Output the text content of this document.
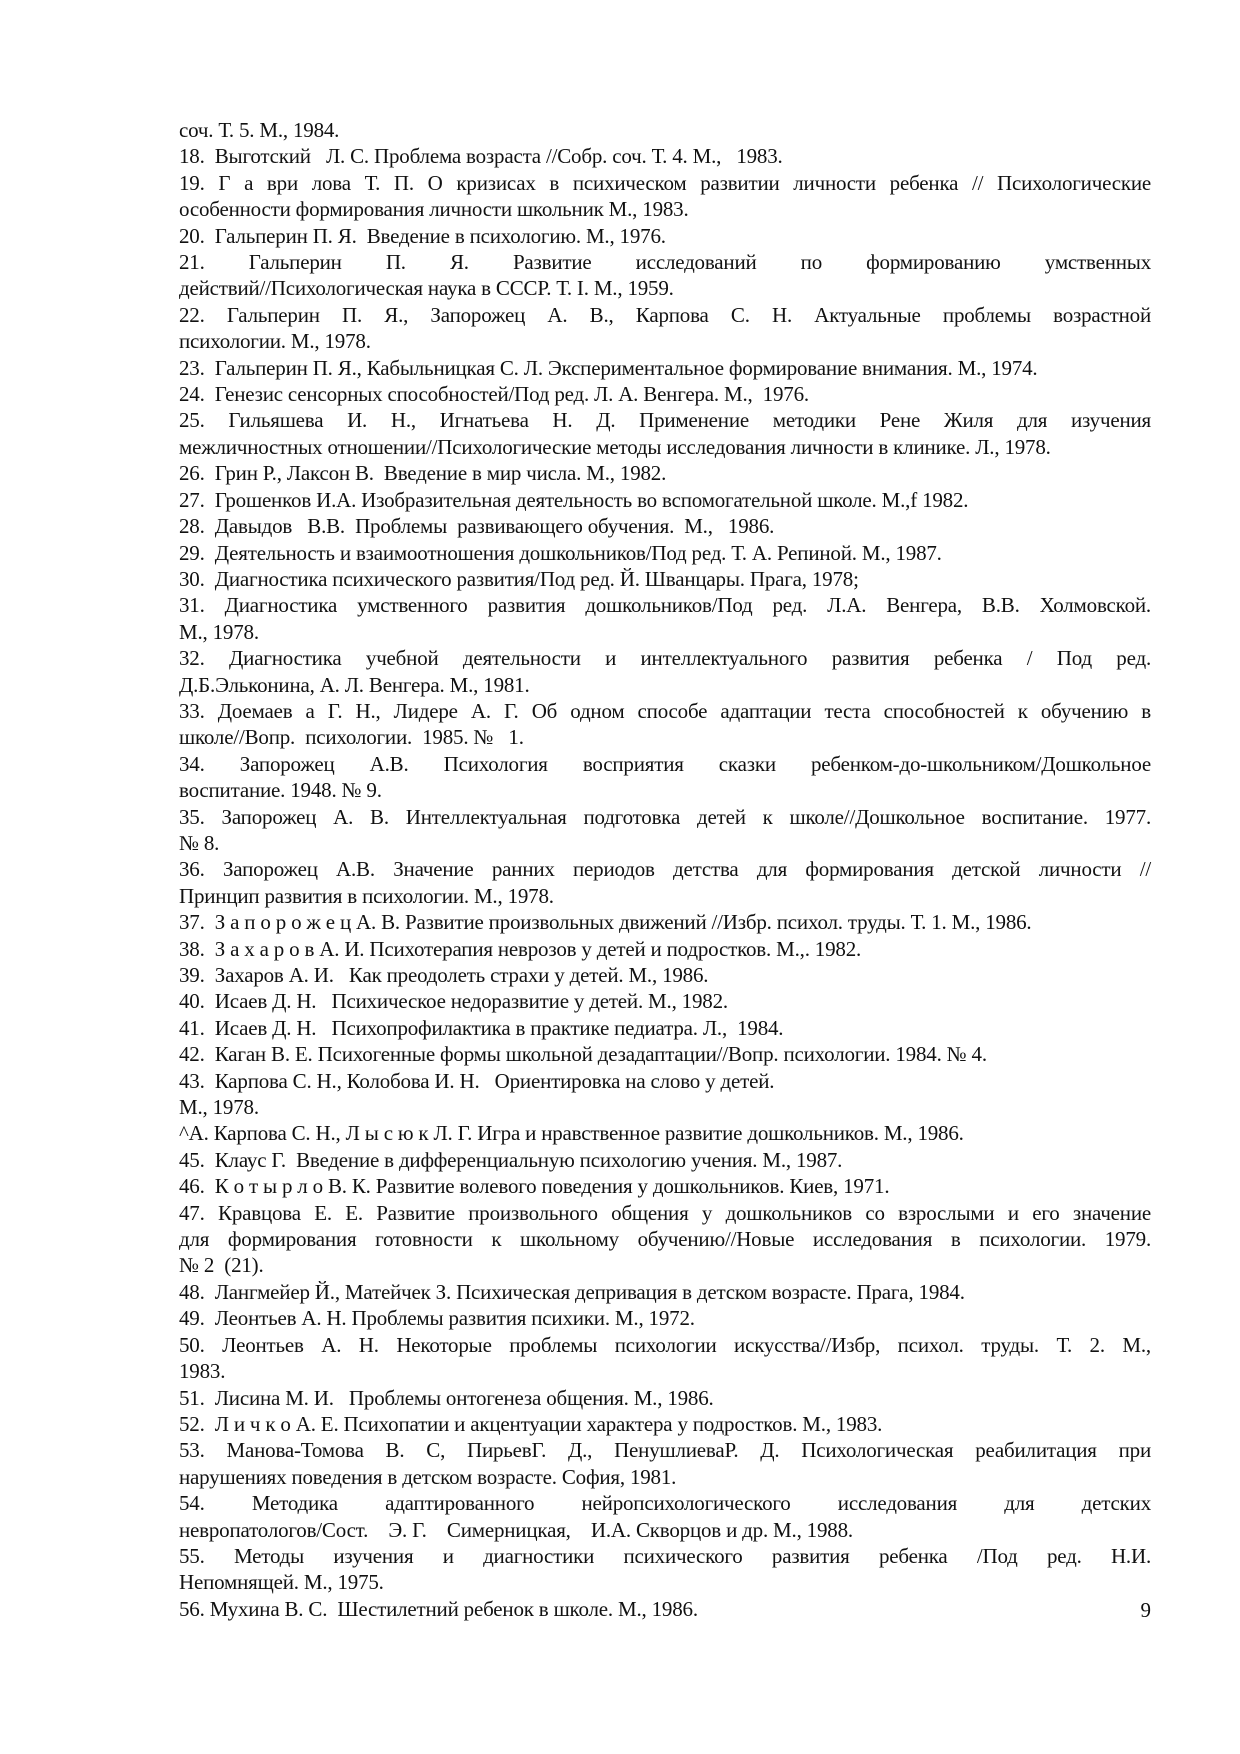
соч. Т. 5. М., 1984.
18.  Выготский   Л. С. Проблема возраста //Собр. соч. Т. 4. М.,   1983.
19. Г а ври лова Т. П. О кризисах в психическом развитии личности ребенка // Психологические
особенности формирования личности школьник М., 1983.
20.  Гальперин П. Я.  Введение в психологию. М., 1976.
21. Гальперин П. Я. Развитие исследований по формированию умственных
действий//Психологическая наука в СССР. Т. I. М., 1959.
22. Гальперин П. Я., Запорожец А. В., Карпова С. Н. Актуальные проблемы возрастной
психологии. М., 1978.
23.  Гальперин П. Я., Кабыльницкая С. Л. Экспериментальное формирование внимания. М., 1974.
24.  Генезис сенсорных способностей/Под ред. Л. А. Венгера. М.,  1976.
25. Гильяшева И. Н., Игнатьева Н. Д. Применение методики Рене Жиля для изучения
межличностных отношении//Психологические методы исследования личности в клинике. Л., 1978.
26.  Грин Р., Лаксон В.  Введение в мир числа. М., 1982.
27.  Грошенков И.А. Изобразительная деятельность во вспомогательной школе. М.,f 1982.
28.  Давыдов   В.В.  Проблемы  развивающего обучения.  М.,   1986.
29.  Деятельность и взаимоотношения дошкольников/Под ред. Т. А. Репиной. М., 1987.
30.  Диагностика психического развития/Под ред. Й. Шванцары. Прага, 1978;
31. Диагностика умственного развития дошкольников/Под ред. Л.А. Венгера, В.В. Холмовской.
М., 1978.
32. Диагностика учебной деятельности и интеллектуального развития ребенка / Под ред.
Д.Б.Эльконина, А. Л. Венгера. М., 1981.
33. Доемаев а Г. Н., Лидере А. Г. Об одном способе адаптации теста способностей к обучению в
школе//Вопр.  психологии.  1985. №   1.
34. Запорожец А.В. Психология восприятия сказки ребенком-до-школьником/Дошкольное
воспитание. 1948. № 9.
35. Запорожец А. В. Интеллектуальная подготовка детей к школе//Дошкольное воспитание. 1977.
№ 8.
36. Запорожец А.В. Значение ранних периодов детства для формирования детской личности //
Принцип развития в психологии. М., 1978.
37.  З а п о р о ж е ц А. В. Развитие произвольных движений //Избр. психол. труды. Т. 1. М., 1986.
38.  З а х а р о в А. И. Психотерапия неврозов у детей и подростков. М.,. 1982.
39.  Захаров А. И.   Как преодолеть страхи у детей. М., 1986.
40.  Исаев Д. Н.   Психическое недоразвитие у детей. М., 1982.
41.  Исаев Д. Н.   Психопрофилактика в практике педиатра. Л.,  1984.
42.  Каган В. Е. Психогенные формы школьной дезадаптации//Вопр. психологии. 1984. № 4.
43.  Карпова С. Н., Колобова И. Н.   Ориентировка на слово у детей.
М., 1978.
^А. Карпова С. Н., Л ы с ю к Л. Г. Игра и нравственное развитие дошкольников. М., 1986.
45.  Клаус Г.  Введение в дифференциальную психологию учения. М., 1987.
46.  К о т ы р л о В. К. Развитие волевого поведения у дошкольников. Киев, 1971.
47. Кравцова Е. Е. Развитие произвольного общения у дошкольников со взрослыми и его значение
для формирования готовности к школьному обучению//Новые исследования в психологии. 1979.
№ 2  (21).
48.  Лангмейер Й., Матейчек З. Психическая депривация в детском возрасте. Прага, 1984.
49.  Леонтьев А. Н. Проблемы развития психики. М., 1972.
50. Леонтьев А. Н. Некоторые проблемы психологии искусства//Избр, психол. труды. Т. 2. М.,
1983.
51.  Лисина М. И.   Проблемы онтогенеза общения. М., 1986.
52.  Л и ч к о А. Е. Психопатии и акцентуации характера у подростков. М., 1983.
53. Манова-Томова В. С, ПирьевГ. Д., ПенушлиеваР. Д. Психологическая реабилитация при
нарушениях поведения в детском возрасте. София, 1981.
54. Методика адаптированного нейропсихологического исследования для детских
невропатологов/Сост.    Э. Г.    Симерницкая,    И.А. Скворцов и др. М., 1988.
55. Методы изучения и диагностики психического развития ребенка /Под ред. Н.И.
Непомнящей. М., 1975.
56. Мухина В. С.  Шестилетний ребенок в школе. М., 1986.	9
